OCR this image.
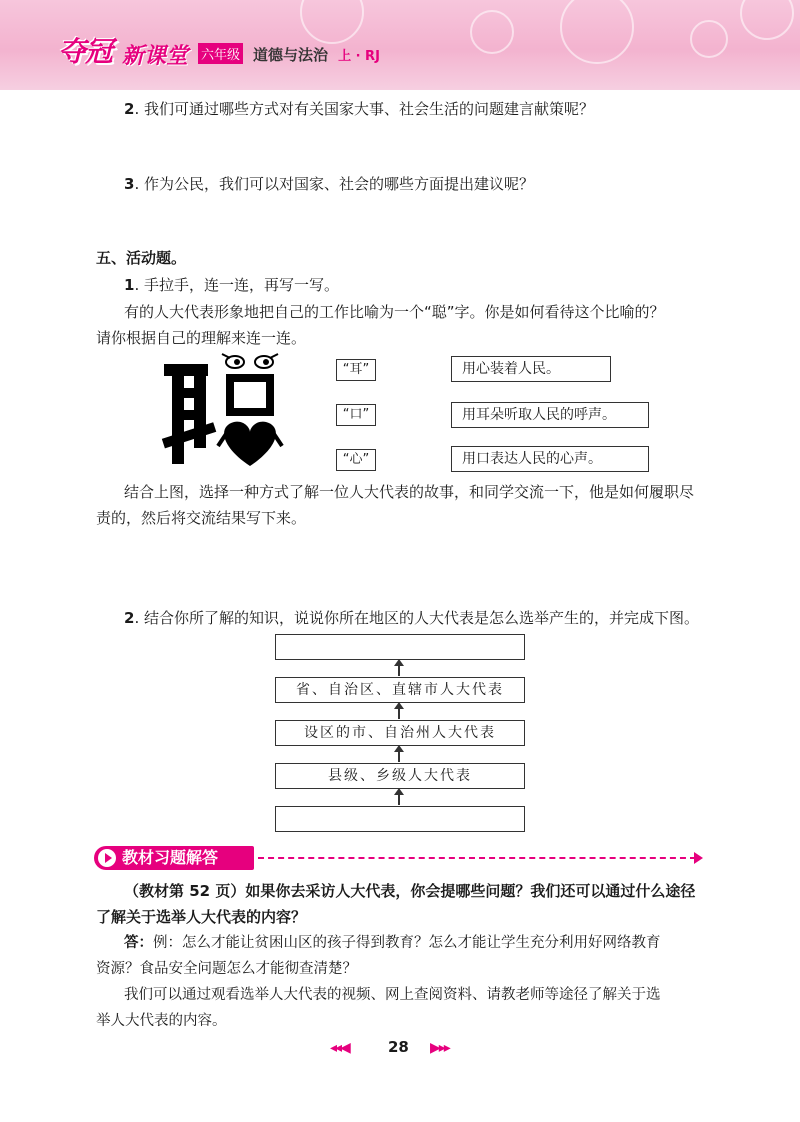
夺冠 新课堂 六年级 道德与法治 上 · RJ
2. 我们可通过哪些方式对有关国家大事、社会生活的问题建言献策呢？
3. 作为公民，我们可以对国家、社会的哪些方面提出建议呢？
五、活动题。
1. 手拉手，连一连，再写一写。
有的人大代表形象地把自己的工作比喻为一个“聪”字。你是如何看待这个比喻的？
请你根据自己的理解来连一连。
“耳”
“口”
“心”
用心装着人民。
用耳朵听取人民的呼声。
用口表达人民的心声。
结合上图，选择一种方式了解一位人大代表的故事，和同学交流一下，他是如何履职尽
责的，然后将交流结果写下来。
2. 结合你所了解的知识，说说你所在地区的人大代表是怎么选举产生的，并完成下图。
省、自治区、直辖市人大代表
设区的市、自治州人大代表
县级、乡级人大代表
教材习题解答
（教材第 52 页）如果你去采访人大代表，你会提哪些问题？我们还可以通过什么途径
了解关于选举人大代表的内容？
答：例：怎么才能让贫困山区的孩子得到教育？怎么才能让学生充分利用好网络教育
资源？食品安全问题怎么才能彻查清楚？
我们可以通过观看选举人大代表的视频、网上查阅资料、请教老师等途径了解关于选
举人大代表的内容。
◂◂◀	28 ▶▸▸
